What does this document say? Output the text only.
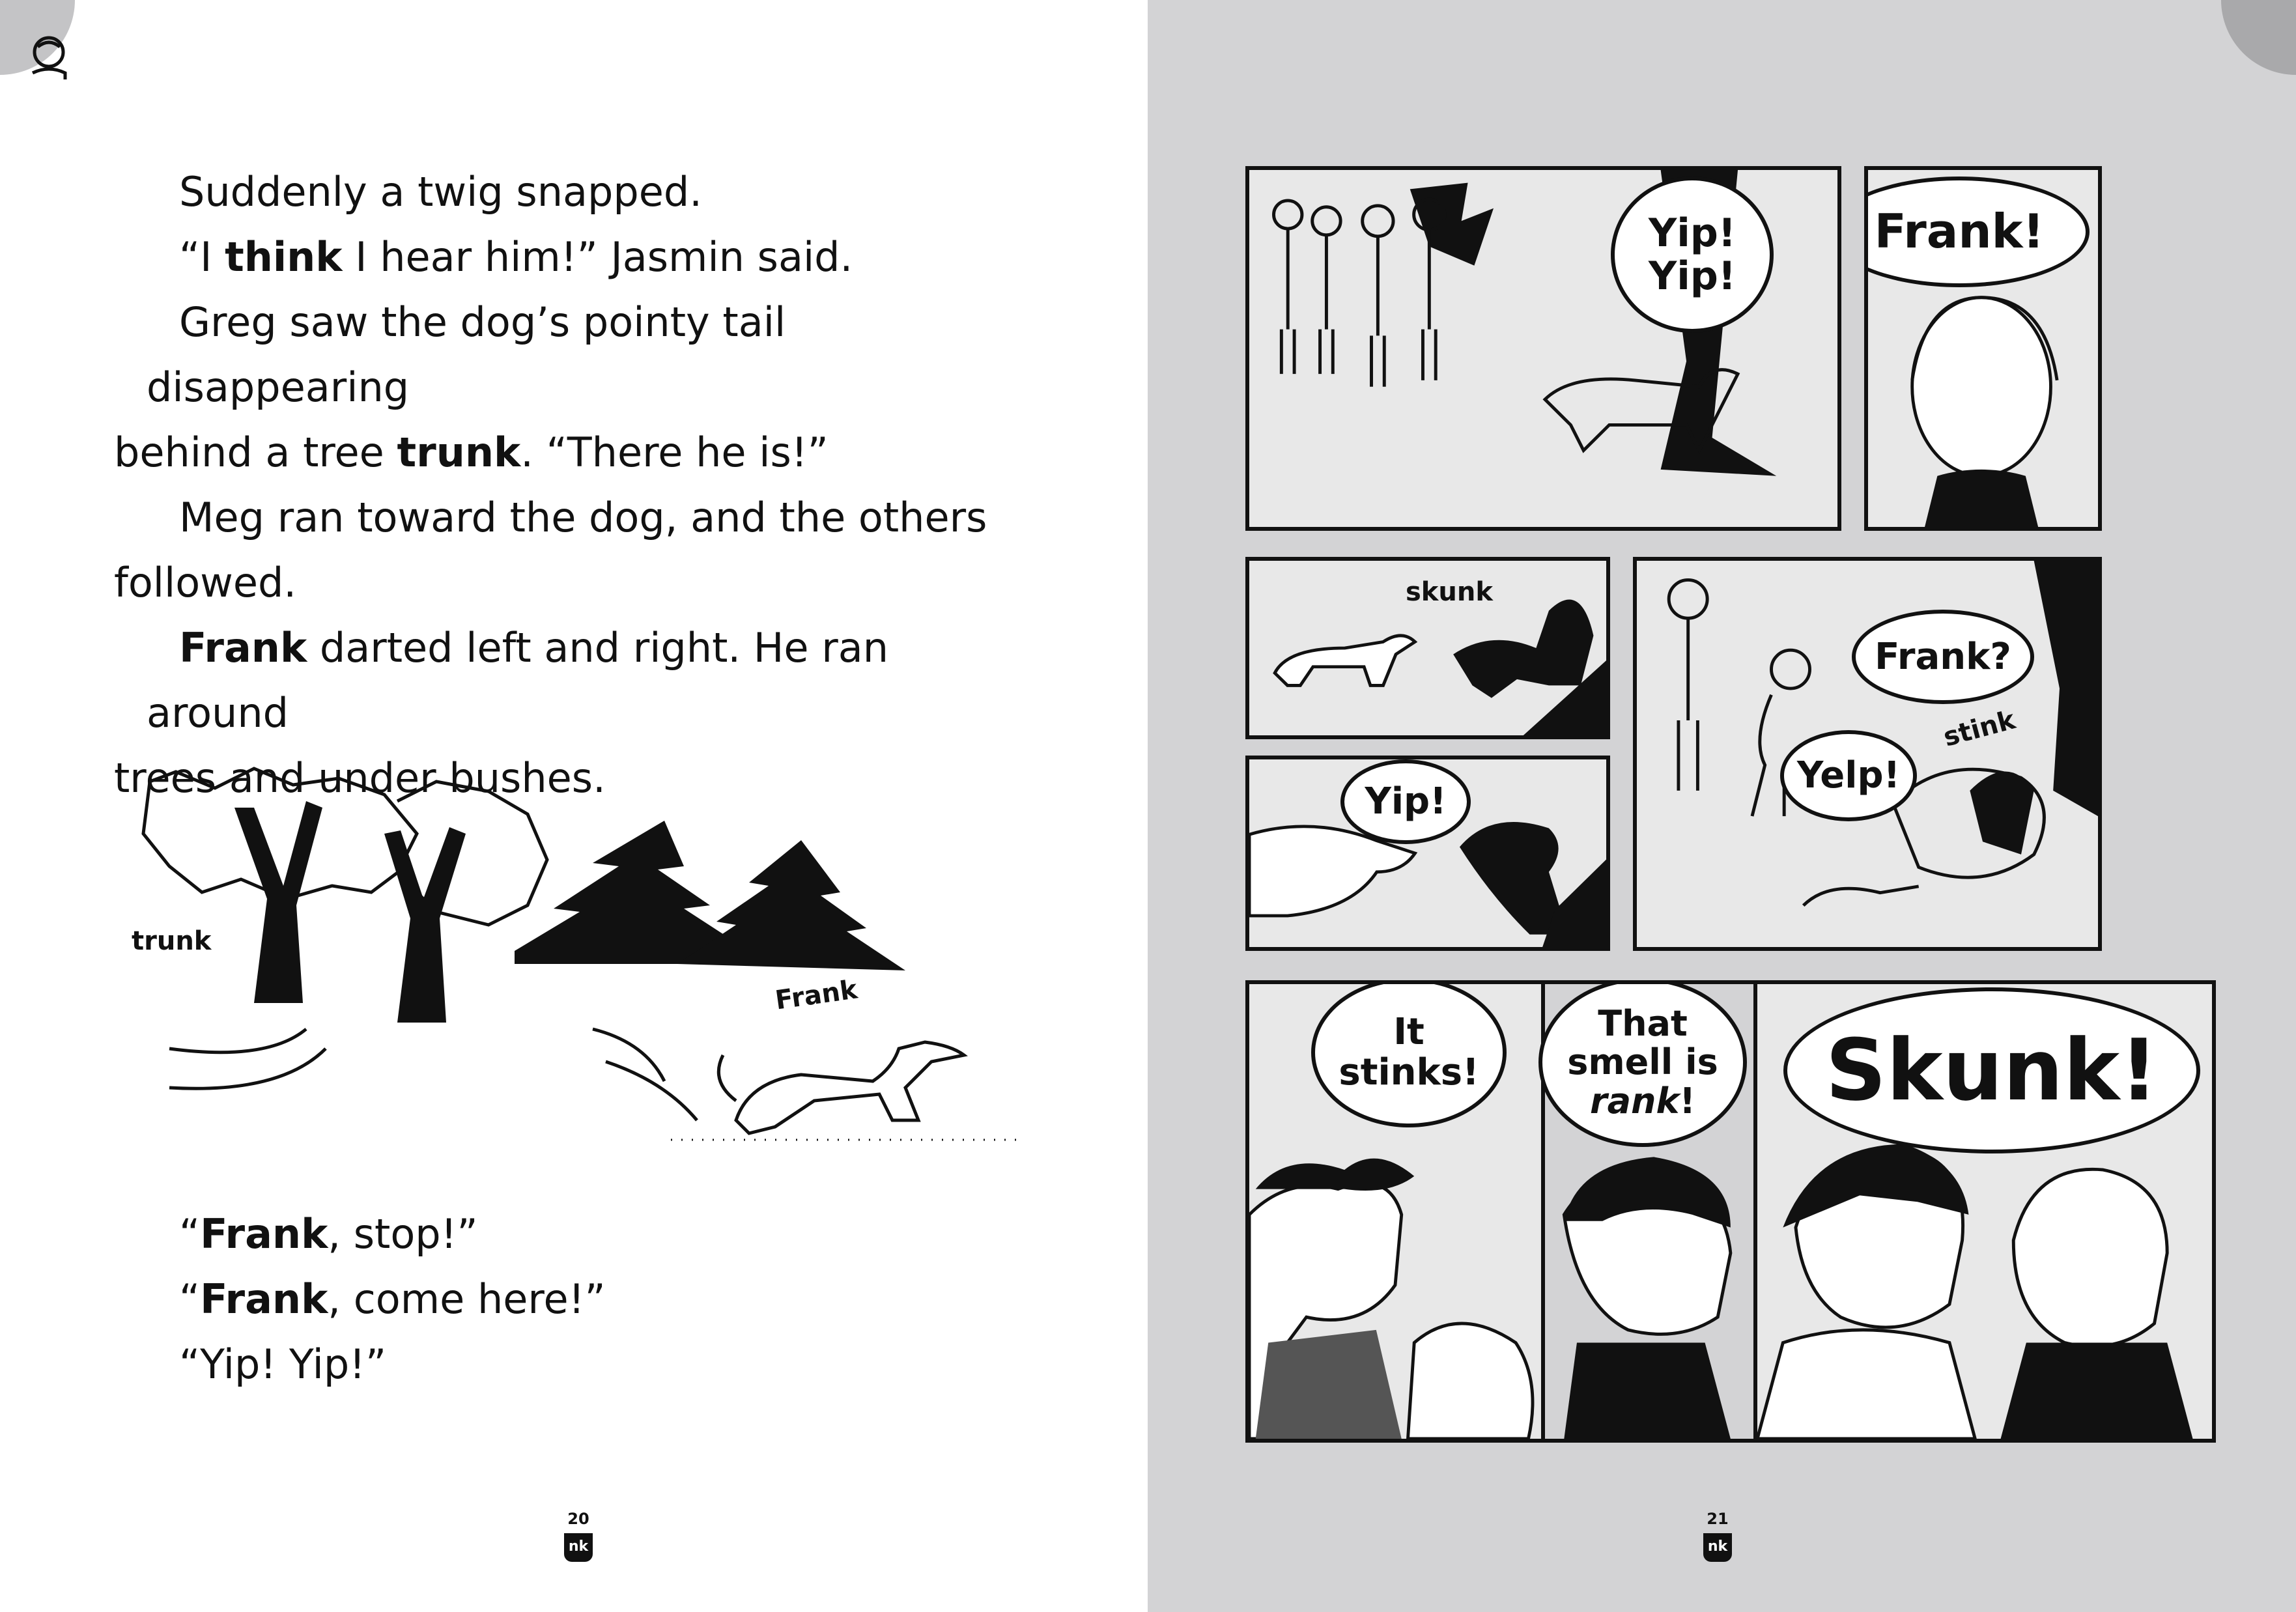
Suddenly a twig snapped.

“I think I hear him!” Jasmin said.

Greg saw the dog’s pointy tail disappearing

behind a tree trunk. “There he is!”

Meg ran toward the dog, and the others

followed.

Frank darted left and right. He ran around

trees and under bushes.

trunk
Frank

“Frank, stop!”

“Frank, come here!”

“Yip! Yip!”

20
nk
Yip!
Yip!
Frank!
skunk
Frank?
Yelp!
stink
Yip!
It
stinks!
That
smell is
rank!	Skunk!
21
nk
